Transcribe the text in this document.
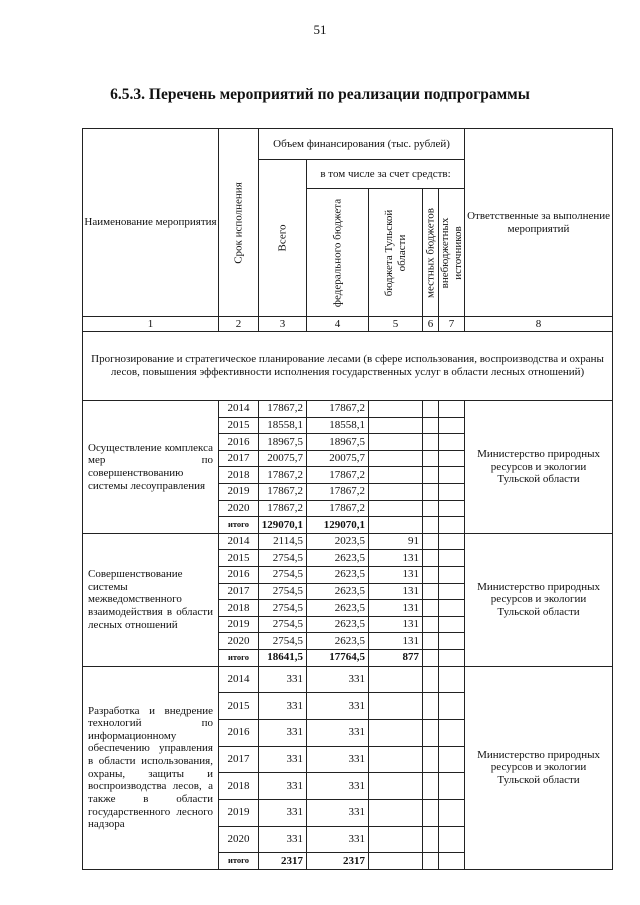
51
6.5.3. Перечень мероприятий по реализации подпрограммы
Наименование мероприятия	Срок исполнения	Объем финансирования (тыс. рублей)					Ответственные за выполнение мероприятий

		Всего	в том числе за счет средств:				

			федерального бюджета	бюджета Тульской области	местных бюджетов	внебюджетных источников	

1	2	3	4	5	6	7	8
Прогнозирование и стратегическое планирование лесами (в сфере использования, воспроизводства и охраны лесов, повышения эффективности исполнения государственных услуг в области лесных отношений)							
Осуществление комплекса мер по совершенствованию системы лесоуправления	2014	17867,2	17867,2				Министерство природных ресурсов и экологии Тульской области
	2015	18558,1	18558,1				
	2016	18967,5	18967,5				
	2017	20075,7	20075,7				
	2018	17867,2	17867,2				
	2019	17867,2	17867,2				
	2020	17867,2	17867,2				
	итого	129070,1	129070,1				
Совершенствование системы межведомственного взаимодействия в области лесных отношений	2014	2114,5	2023,5	91			Министерство природных ресурсов и экологии Тульской области
	2015	2754,5	2623,5	131			
	2016	2754,5	2623,5	131			
	2017	2754,5	2623,5	131			
	2018	2754,5	2623,5	131			
	2019	2754,5	2623,5	131			
	2020	2754,5	2623,5	131			
	итого	18641,5	17764,5	877			
Разработка и внедрение технологий по информационному обеспечению управления в области использования, охраны, защиты и воспроизводства лесов, а также в области государственного лесного надзора	2014	331	331				Министерство природных ресурсов и экологии Тульской области
	2015	331	331				
	2016	331	331				
	2017	331	331				
	2018	331	331				
	2019	331	331				
	2020	331	331				
	итого	2317	2317				
